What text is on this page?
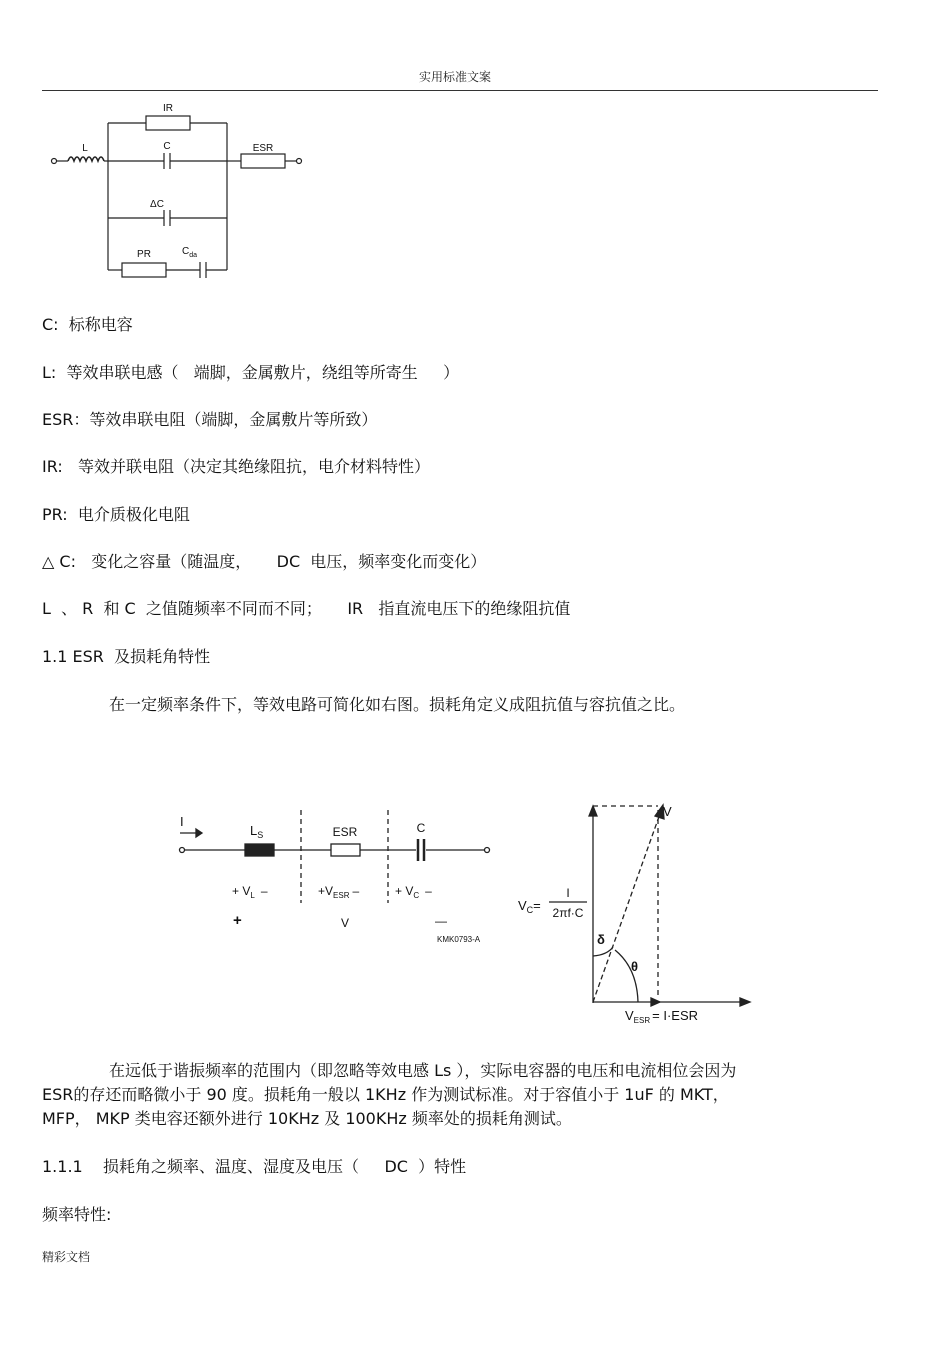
实用标准文案
IR
C
L	ESR
ΔC
PR	$C_{da}$
C:  标称电容
L:  等效串联电感（   端脚，金属敷片，绕组等所寄生     ）
ESR：等效串联电阻（端脚，金属敷片等所致）
IR:   等效并联电阻（决定其绝缘阻抗，电介材料特性）
PR:  电介质极化电阻
△ C:   变化之容量（随温度，     DC  电压，频率变化而变化）
L  、 R  和 C  之值随频率不同而不同；     IR   指直流电压下的绝缘阻抗值
1.1 ESR  及损耗角特性
在一定频率条件下，等效电路可简化如右图。损耗角定义成阻抗值与容抗值之比。
I
$L_S$	ESR	C
+ $V_L$ –	$+V_{ESR}$ –	+ $V_C$ –
+	V	—
KMK0793-A
V
$V_C=$
I
2πf·C
δ
θ
$V_{ESR} = I\cdot ESR$
在远低于谐振频率的范围内（即忽略等效电感 Ls ），实际电容器的电压和电流相位会因为
ESR的存还而略微小于 90 度。损耗角一般以 1KHz 作为测试标准。对于容值小于 1uF 的 MKT，
MFP， MKP 类电容还额外进行 10KHz 及 100KHz 频率处的损耗角测试。
1.1.1    损耗角之频率、温度、湿度及电压（     DC  ）特性
频率特性:
精彩文档
